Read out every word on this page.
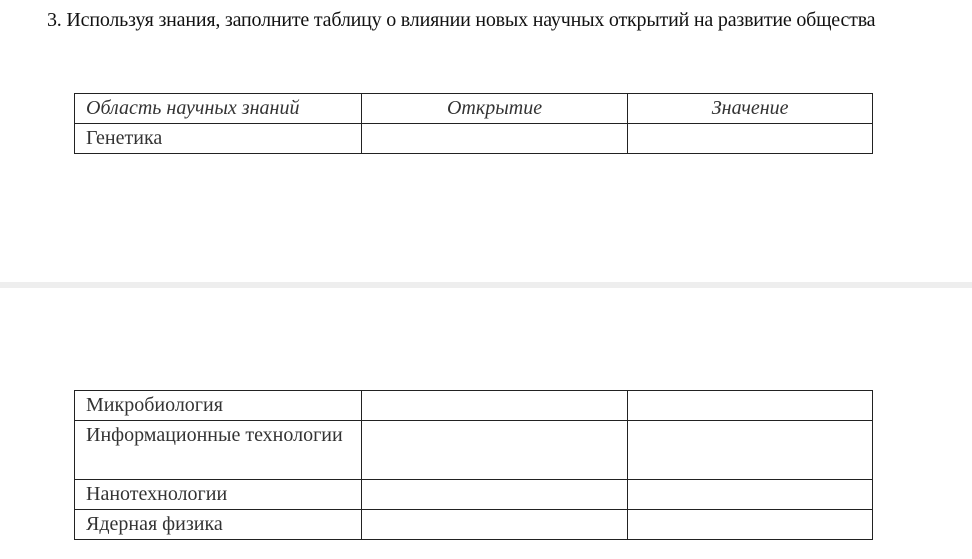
3. Используя знания, заполните таблицу о влиянии новых научных открытий на развитие общества
Область научных знаний	Открытие	Значение
Генетика		
Микробиология		
Информационные технологии		
Нанотехнологии		
Ядерная физика		
